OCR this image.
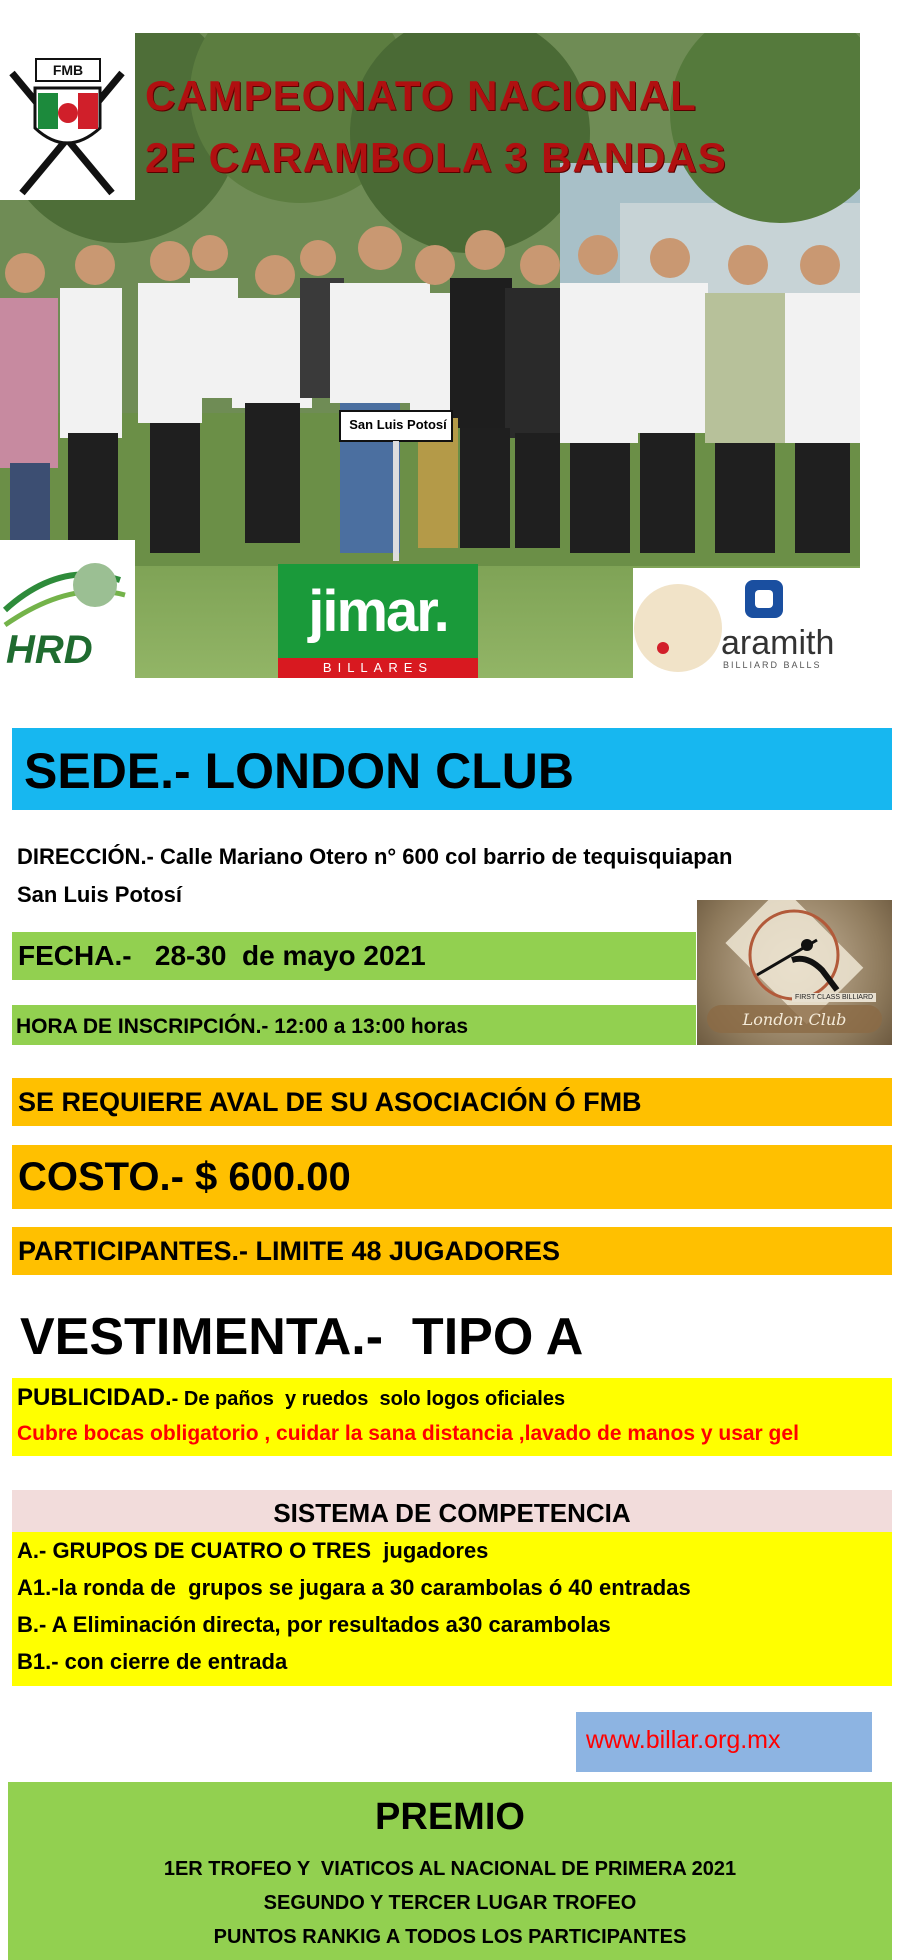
CAMPEONATO NACIONAL
2F CARAMBOLA 3 BANDAS
San Luis Potosí
FMB
HRD
jimar.
BILLARES
aramith
BILLIARD BALLS
SEDE.- LONDON CLUB
DIRECCIÓN.- Calle Mariano Otero n° 600 col barrio de tequisquiapan
San Luis Potosí
FECHA.-   28-30  de mayo 2021
HORA DE INSCRIPCIÓN.- 12:00 a 13:00 horas
FIRST CLASS BILLIARD
London Club
SE REQUIERE AVAL DE SU ASOCIACIÓN Ó FMB
COSTO.- $ 600.00
PARTICIPANTES.- LIMITE 48 JUGADORES
VESTIMENTA.-  TIPO A
PUBLICIDAD.- De paños  y ruedos  solo logos oficiales
Cubre bocas obligatorio , cuidar la sana distancia ,lavado de manos y usar gel
SISTEMA DE COMPETENCIA
A.- GRUPOS DE CUATRO O TRES  jugadores
A1.-la ronda de  grupos se jugara a 30 carambolas ó 40 entradas
B.- A Eliminación directa, por resultados a30 carambolas
B1.- con cierre de entrada
www.billar.org.mx
PREMIO
1ER TROFEO Y  VIATICOS AL NACIONAL DE PRIMERA 2021
SEGUNDO Y TERCER LUGAR TROFEO
PUNTOS RANKIG A TODOS LOS PARTICIPANTES
